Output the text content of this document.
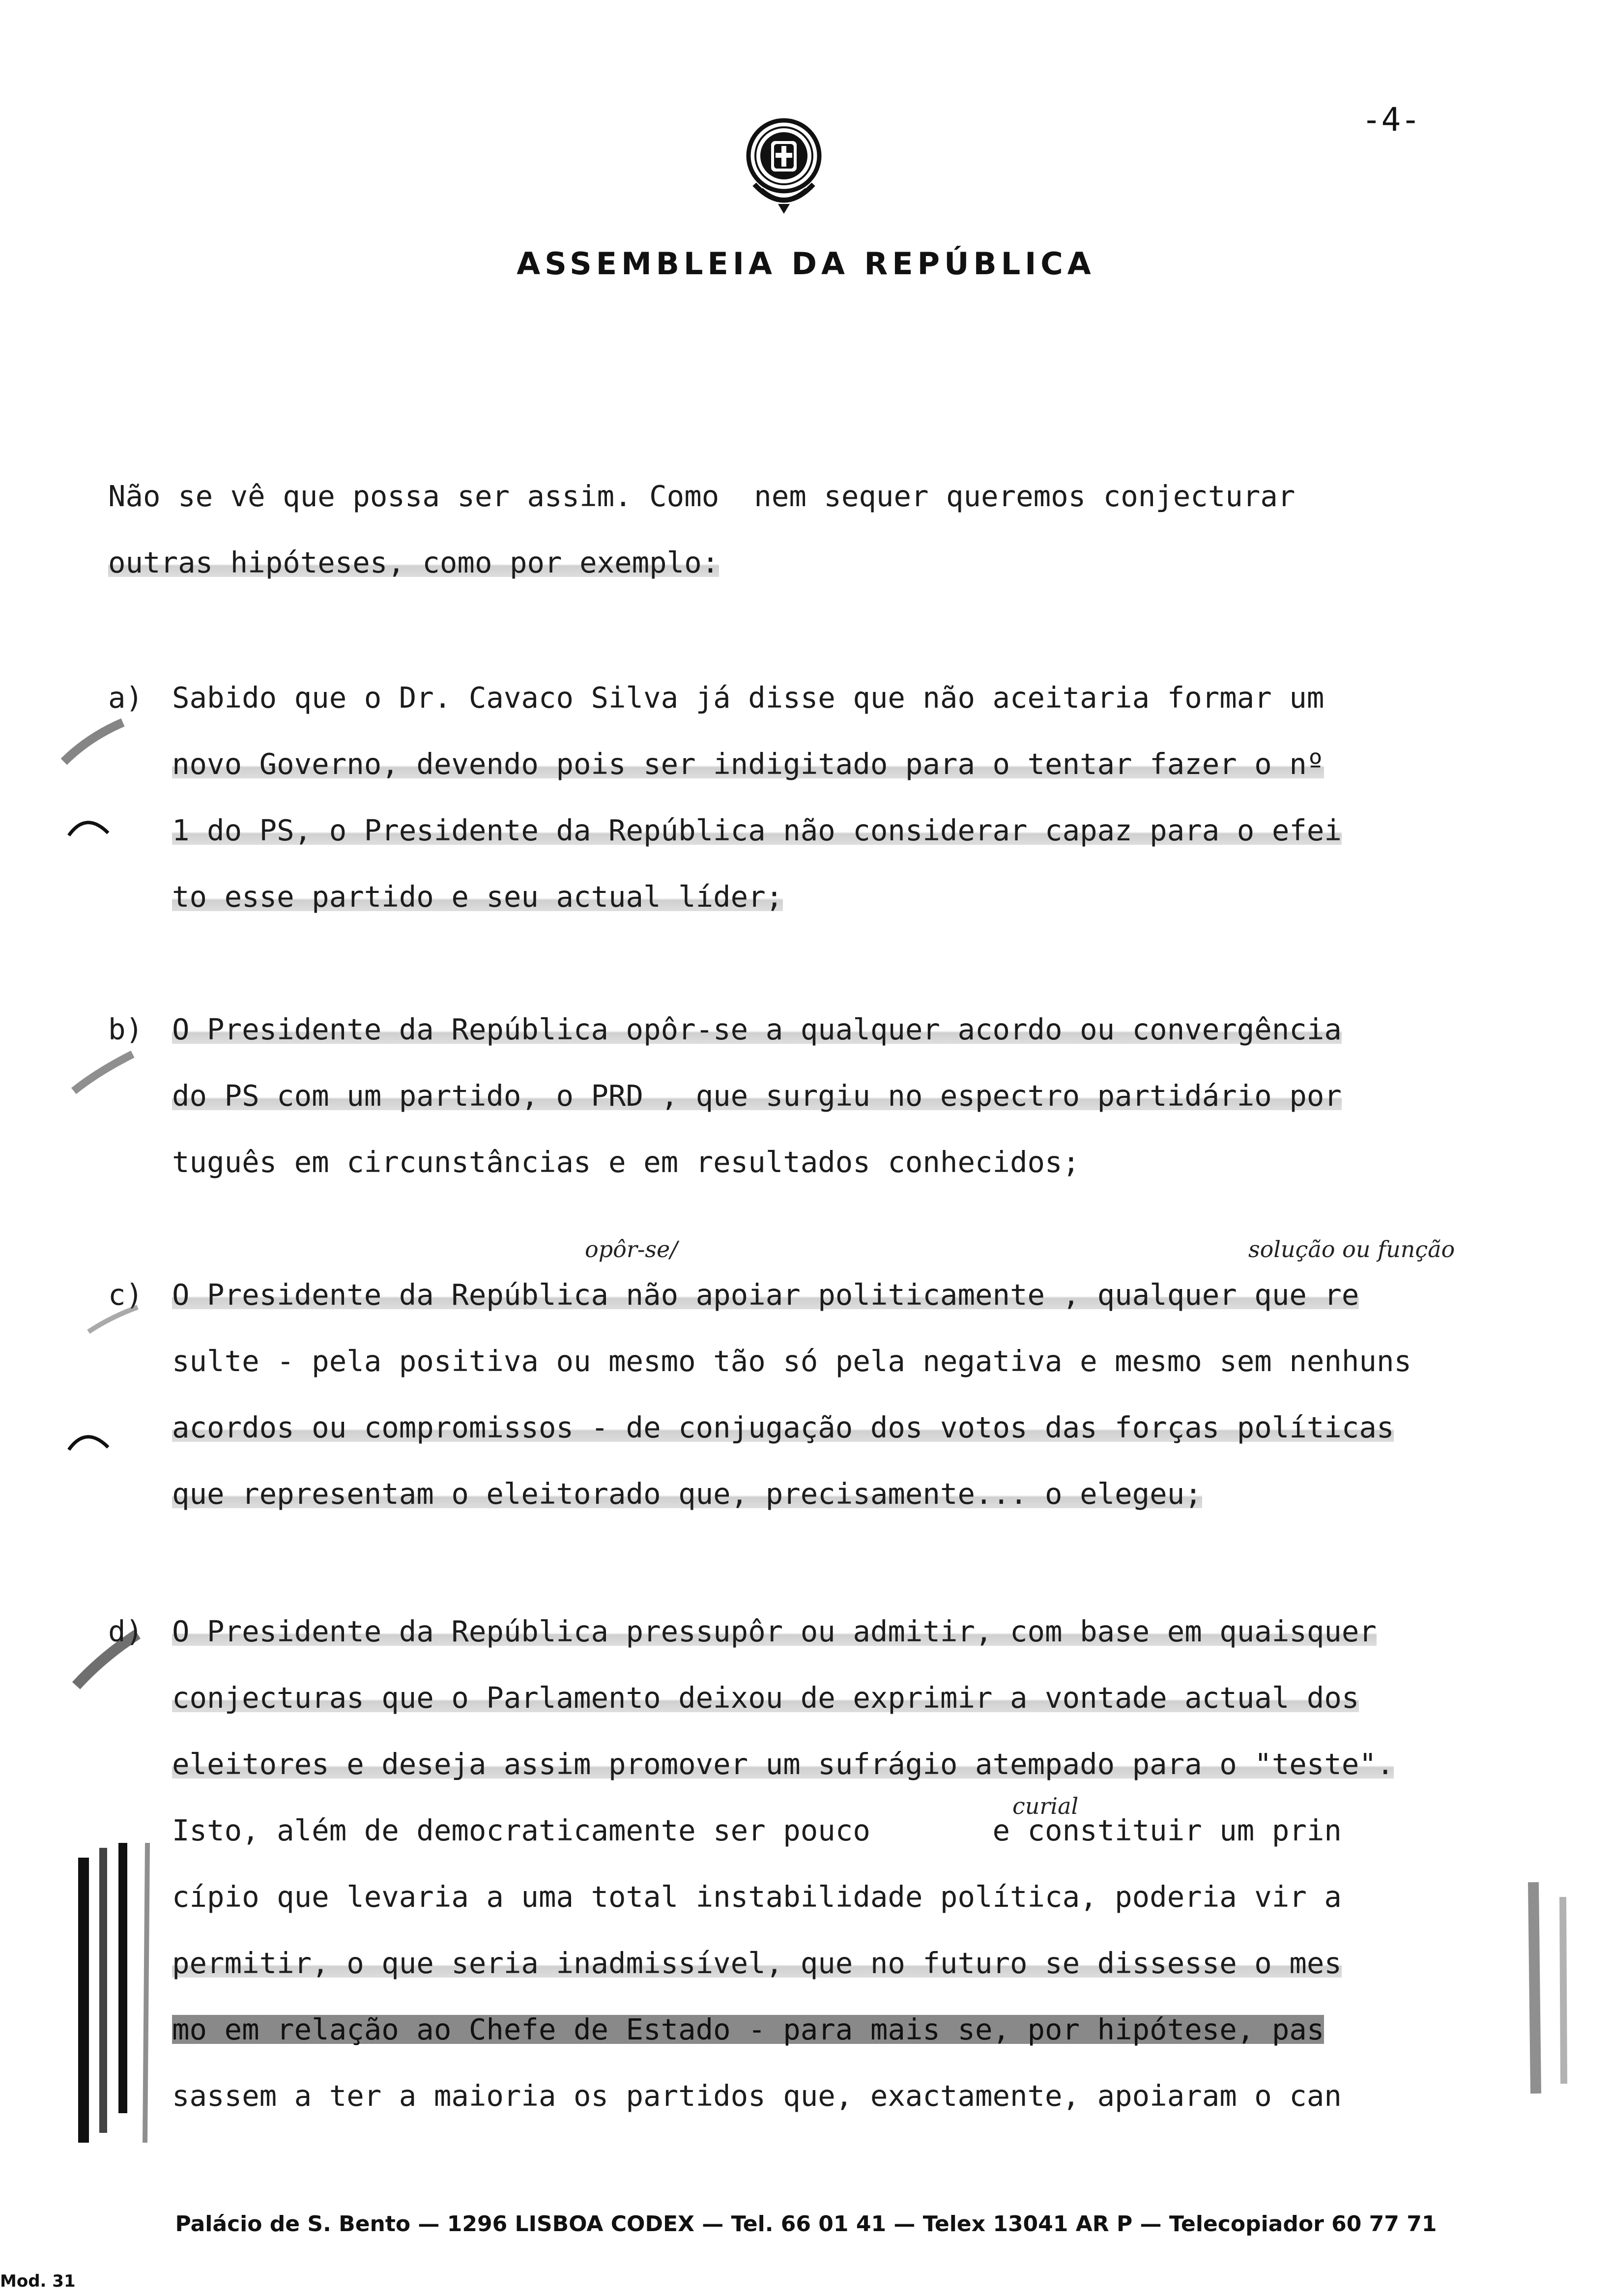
-4-
ASSEMBLEIA DA REPÚBLICA

Não se vê que possa ser assim. Como  nem sequer queremos conjecturar

outras hipóteses, como por exemplo:

a)

Sabido que o Dr. Cavaco Silva já disse que não aceitaria formar um

novo Governo, devendo pois ser indigitado para o tentar fazer o nº

1 do PS, o Presidente da República não considerar capaz para o efei

to esse partido e seu actual líder;

b)

O Presidente da República opôr-se a qualquer acordo ou convergência

do PS com um partido, o PRD , que surgiu no espectro partidário por

tuguês em circunstâncias e em resultados conhecidos;

opôr-se/	solução ou função

c)

O Presidente da República não apoiar politicamente , qualquer que re

sulte - pela positiva ou mesmo tão só pela negativa e mesmo sem nenhuns

acordos ou compromissos - de conjugação dos votos das forças políticas

que representam o eleitorado que, precisamente... o elegeu;

curial

d)

O Presidente da República pressupôr ou admitir, com base em quaisquer

conjecturas que o Parlamento deixou de exprimir a vontade actual dos

eleitores e deseja assim promover um sufrágio atempado para o "teste".

Isto, além de democraticamente ser pouco       e constituir um prin

cípio que levaria a uma total instabilidade política, poderia vir a

permitir, o que seria inadmissível, que no futuro se dissesse o mes

mo em relação ao Chefe de Estado - para mais se, por hipótese, pas

sassem a ter a maioria os partidos que, exactamente, apoiaram o can

Palácio de S. Bento — 1296 LISBOA CODEX — Tel. 66 01 41 — Telex 13041 AR P — Telecopiador 60 77 71
Mod. 31
